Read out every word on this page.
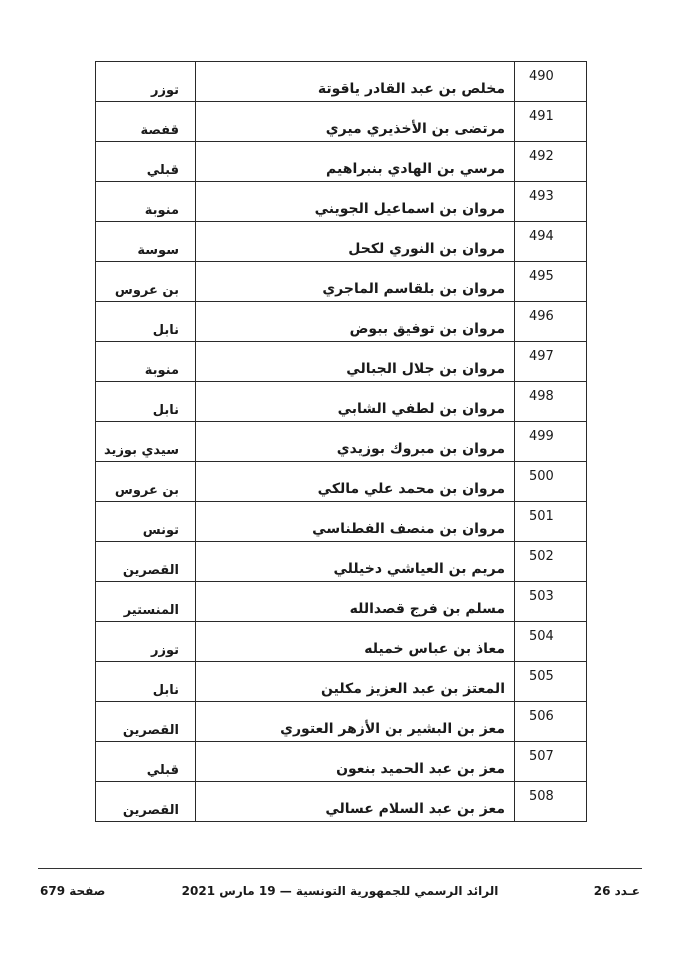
توزر	مخلص بن عبد القادر ياقوتة	490

قفصة	مرتضى بن الأخذيري ميري	491

قبلي	مرسي بن الهادي بنبراهيم	492

منوبة	مروان بن اسماعيل الجويني	493

سوسة	مروان بن النوري لكحل	494

بن عروس	مروان بن بلقاسم الماجري	495

نابل	مروان بن توفيق ببوض	496

منوبة	مروان بن جلال الجبالي	497

نابل	مروان بن لطفي الشابي	498

سيدي بوزيد	مروان بن مبروك بوزيدي	499

بن عروس	مروان بن محمد علي مالكي	500

تونس	مروان بن منصف الفطناسي	501

القصرين	مريم بن العياشي دخيللي	502

المنستير	مسلم بن فرج قصدالله	503

توزر	معاذ بن عباس خميله	504

نابل	المعتز بن عبد العزيز مكلين	505

القصرين	معز بن البشير بن الأزهر العتوري	506

قبلي	معز بن عبد الحميد بنعون	507

القصرين	معز بن عبد السلام عسالي	508
عـدد 26
الرائد الرسمي للجمهورية التونسية — 19 مارس 2021
صفحة 679
